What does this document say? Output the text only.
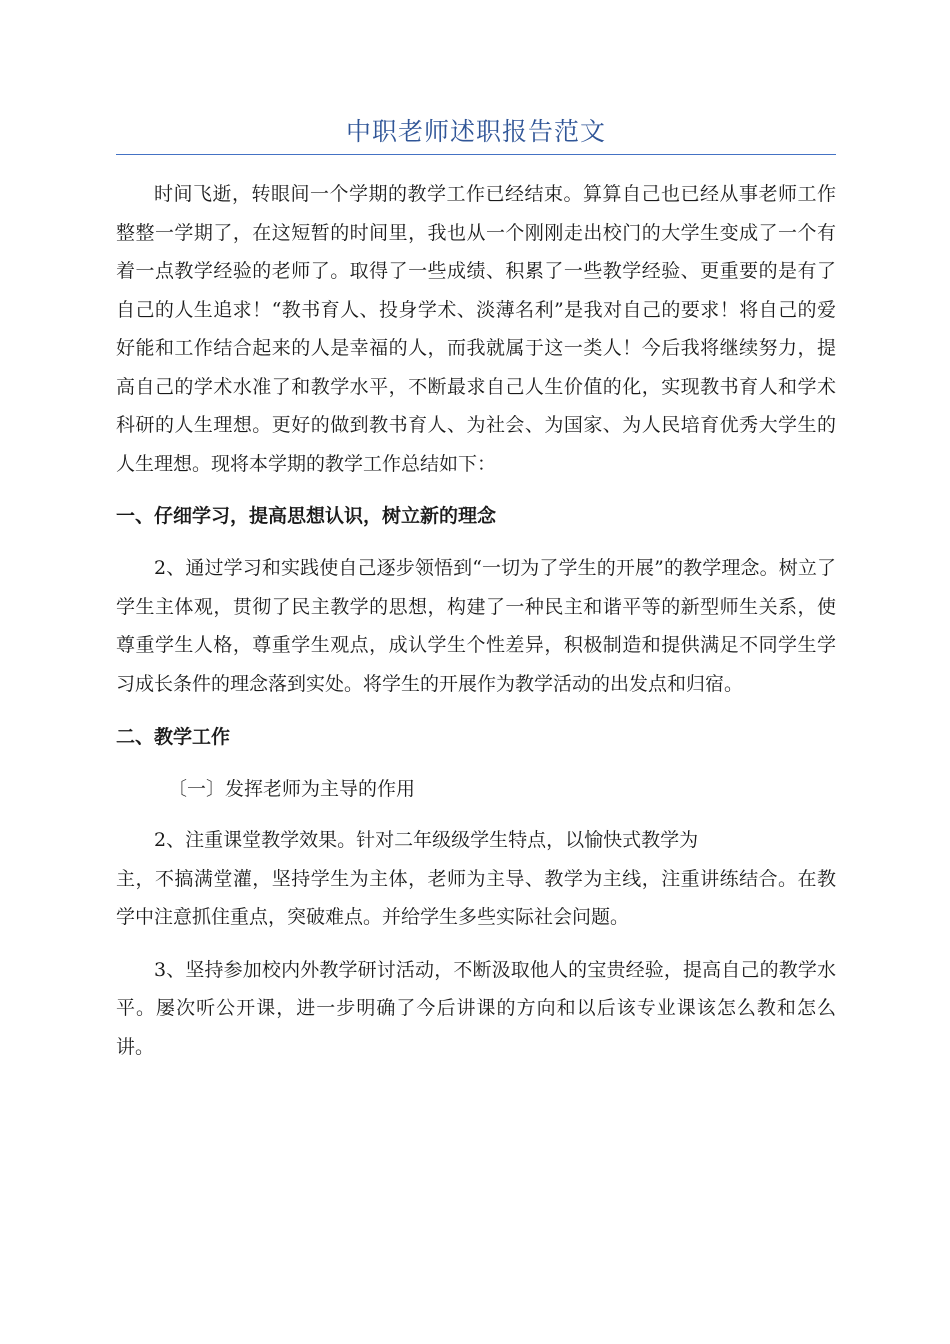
中职老师述职报告范文

时间飞逝，转眼间一个学期的教学工作已经结束。算算自己也已经从事老师工作整整一学期了，在这短暂的时间里，我也从一个刚刚走出校门的大学生变成了一个有着一点教学经验的老师了。取得了一些成绩、积累了一些教学经验、更重要的是有了自己的人生追求！“教书育人、投身学术、淡薄名利”是我对自己的要求！将自己的爱好能和工作结合起来的人是幸福的人，而我就属于这一类人！今后我将继续努力，提高自己的学术水准了和教学水平，不断最求自己人生价值的化，实现教书育人和学术科研的人生理想。更好的做到教书育人、为社会、为国家、为人民培育优秀大学生的人生理想。现将本学期的教学工作总结如下：

一、仔细学习，提高思想认识，树立新的理念

2、通过学习和实践使自己逐步领悟到“一切为了学生的开展”的教学理念。树立了学生主体观，贯彻了民主教学的思想，构建了一种民主和谐平等的新型师生关系，使尊重学生人格，尊重学生观点，成认学生个性差异，积极制造和提供满足不同学生学习成长条件的理念落到实处。将学生的开展作为教学活动的出发点和归宿。

二、教学工作

〔一〕发挥老师为主导的作用

2、注重课堂教学效果。针对二年级级学生特点，以愉快式教学为

主，不搞满堂灌，坚持学生为主体，老师为主导、教学为主线，注重讲练结合。在教学中注意抓住重点，突破难点。并给学生多些实际社会问题。

3、坚持参加校内外教学研讨活动，不断汲取他人的宝贵经验，提高自己的教学水平。屡次听公开课，进一步明确了今后讲课的方向和以后该专业课该怎么教和怎么讲。
